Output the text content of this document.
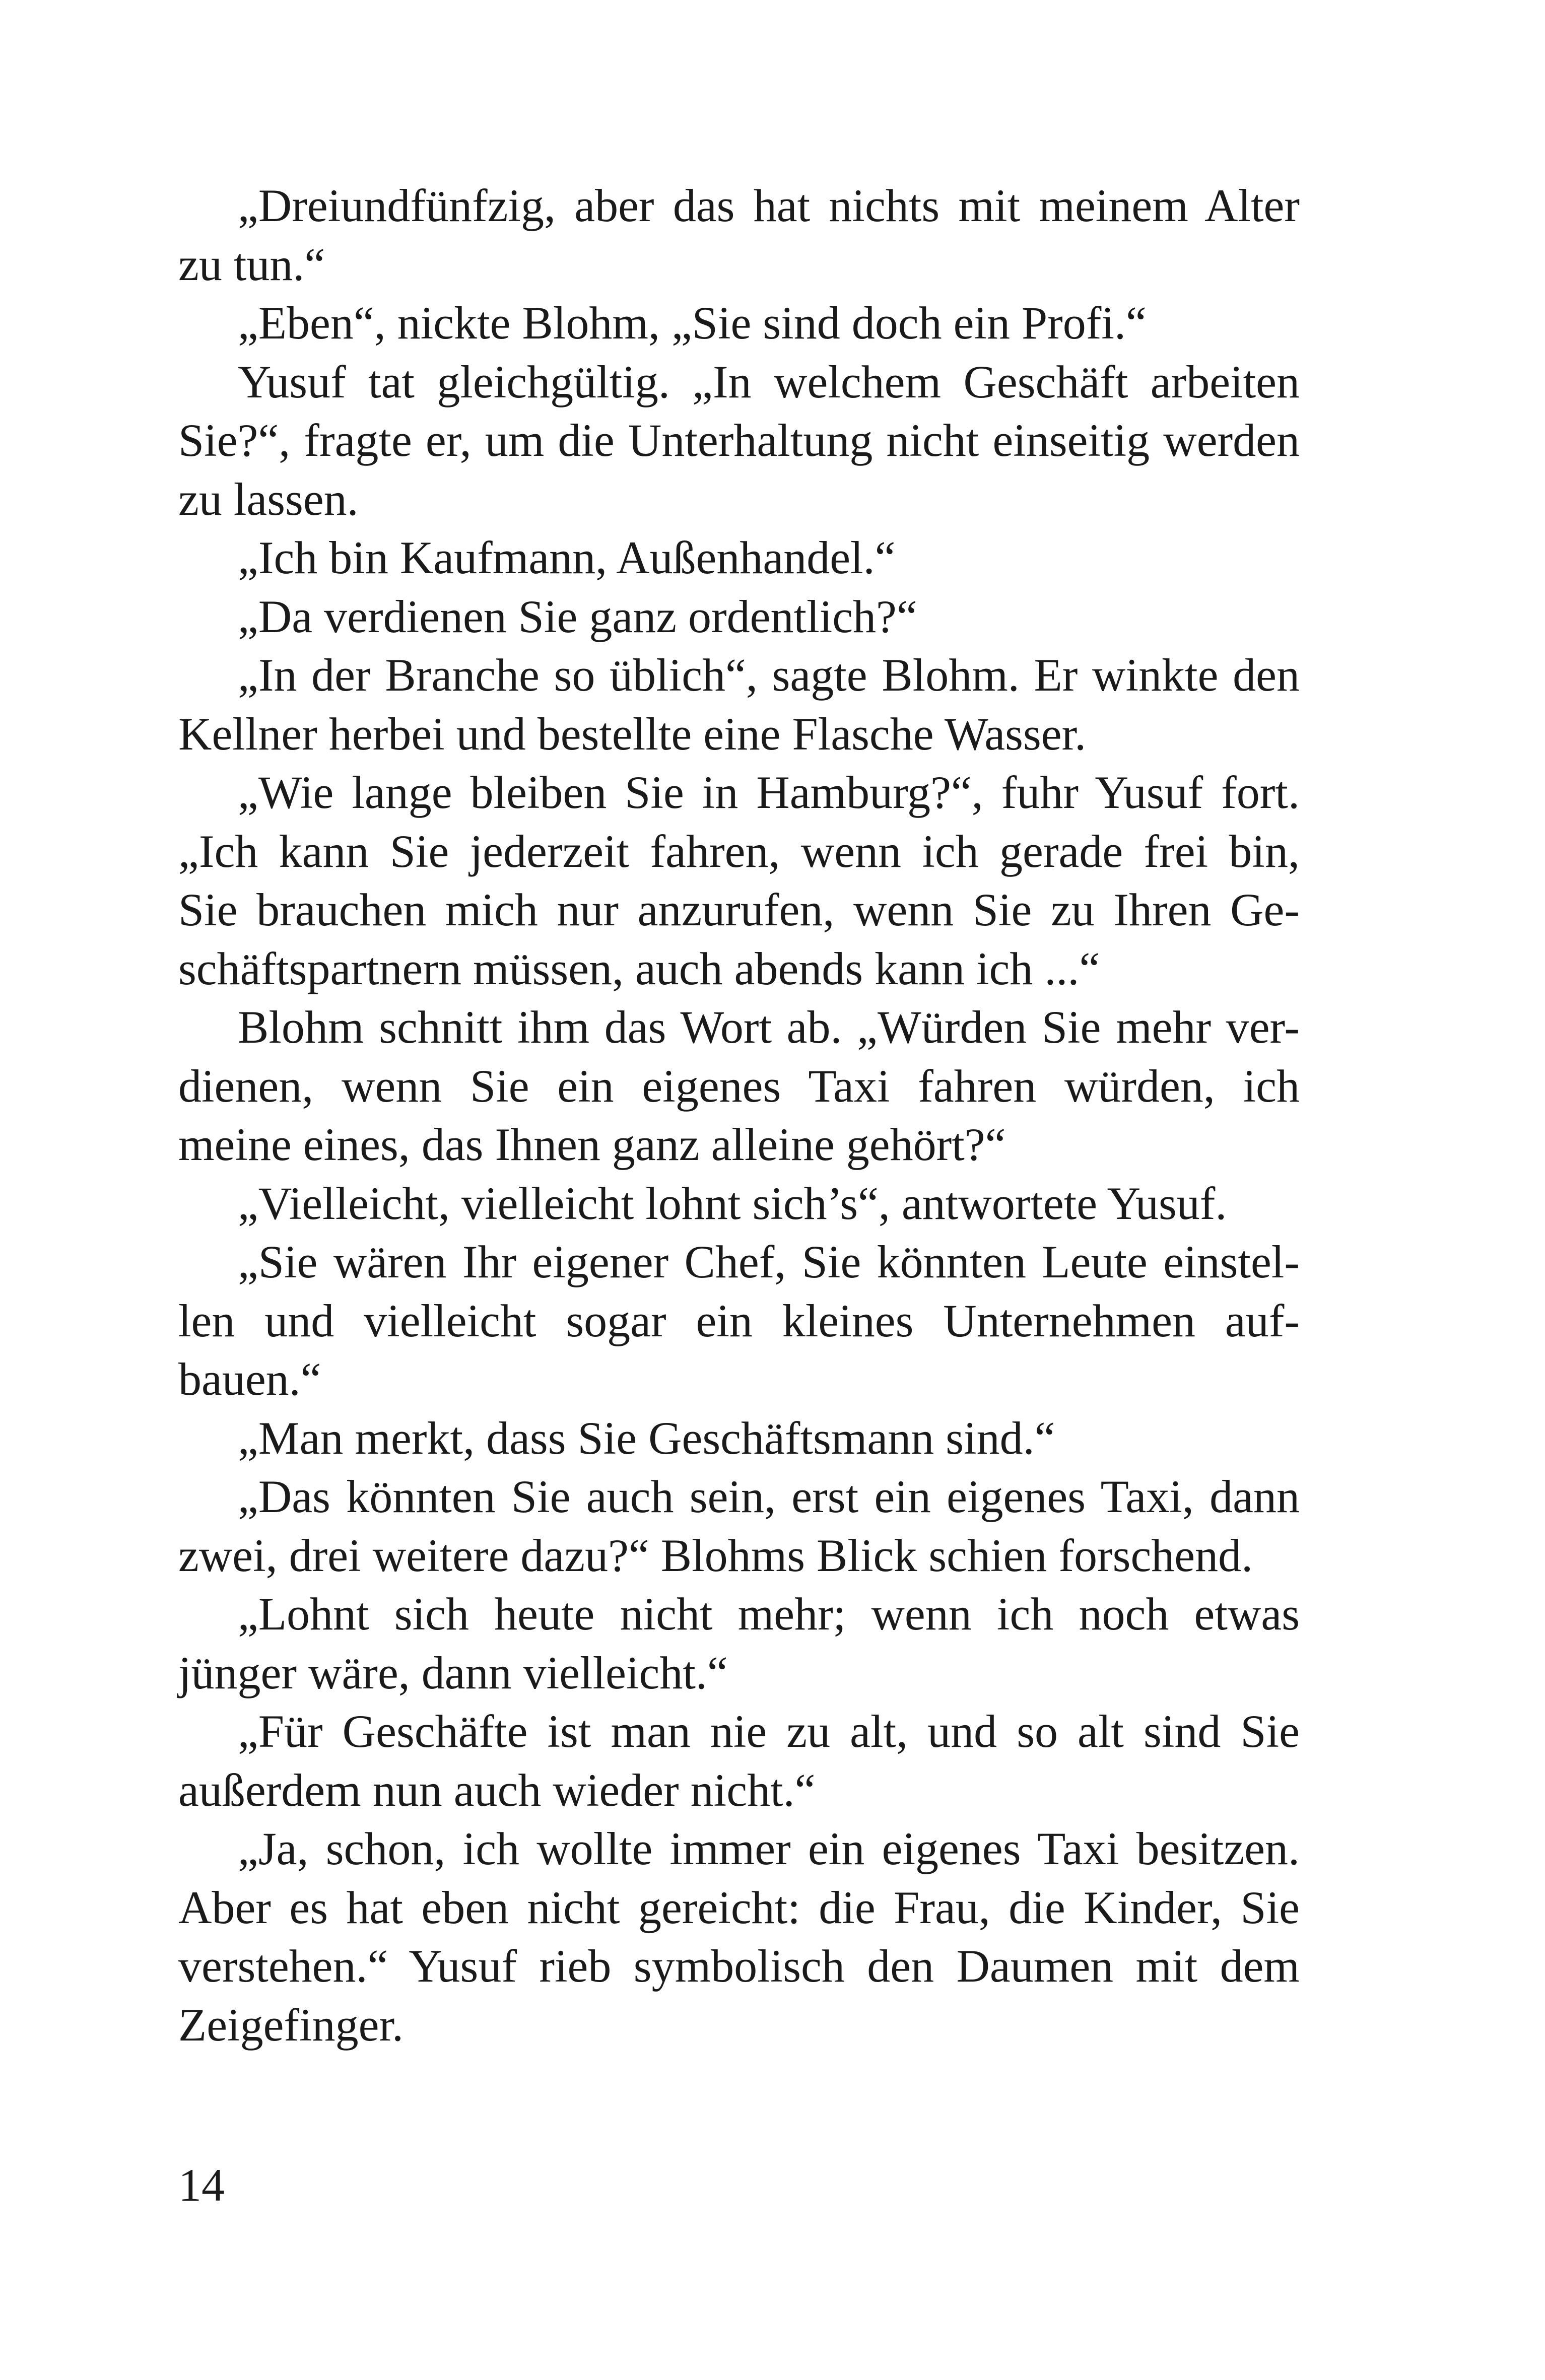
„Dreiundfünfzig, aber das hat nichts mit meinem Alter
zu tun.“
„Eben“, nickte Blohm, „Sie sind doch ein Profi.“
Yusuf tat gleichgültig. „In welchem Geschäft arbeiten
Sie?“, fragte er, um die Unterhaltung nicht einseitig werden
zu lassen.
„Ich bin Kaufmann, Außenhandel.“
„Da verdienen Sie ganz ordentlich?“
„In der Branche so üblich“, sagte Blohm. Er winkte den
Kellner herbei und bestellte eine Flasche Wasser.
„Wie lange bleiben Sie in Hamburg?“, fuhr Yusuf fort.
„Ich kann Sie jederzeit fahren, wenn ich gerade frei bin,
Sie brauchen mich nur anzurufen, wenn Sie zu Ihren Ge-
schäftspartnern müssen, auch abends kann ich ...“
Blohm schnitt ihm das Wort ab. „Würden Sie mehr ver-
dienen, wenn Sie ein eigenes Taxi fahren würden, ich
meine eines, das Ihnen ganz alleine gehört?“
„Vielleicht, vielleicht lohnt sich’s“, antwortete Yusuf.
„Sie wären Ihr eigener Chef, Sie könnten Leute einstel-
len und vielleicht sogar ein kleines Unternehmen auf-
bauen.“
„Man merkt, dass Sie Geschäftsmann sind.“
„Das könnten Sie auch sein, erst ein eigenes Taxi, dann
zwei, drei weitere dazu?“ Blohms Blick schien forschend.
„Lohnt sich heute nicht mehr; wenn ich noch etwas
jünger wäre, dann vielleicht.“
„Für Geschäfte ist man nie zu alt, und so alt sind Sie
außerdem nun auch wieder nicht.“
„Ja, schon, ich wollte immer ein eigenes Taxi besitzen.
Aber es hat eben nicht gereicht: die Frau, die Kinder, Sie
verstehen.“ Yusuf rieb symbolisch den Daumen mit dem
Zeigefinger.
14
